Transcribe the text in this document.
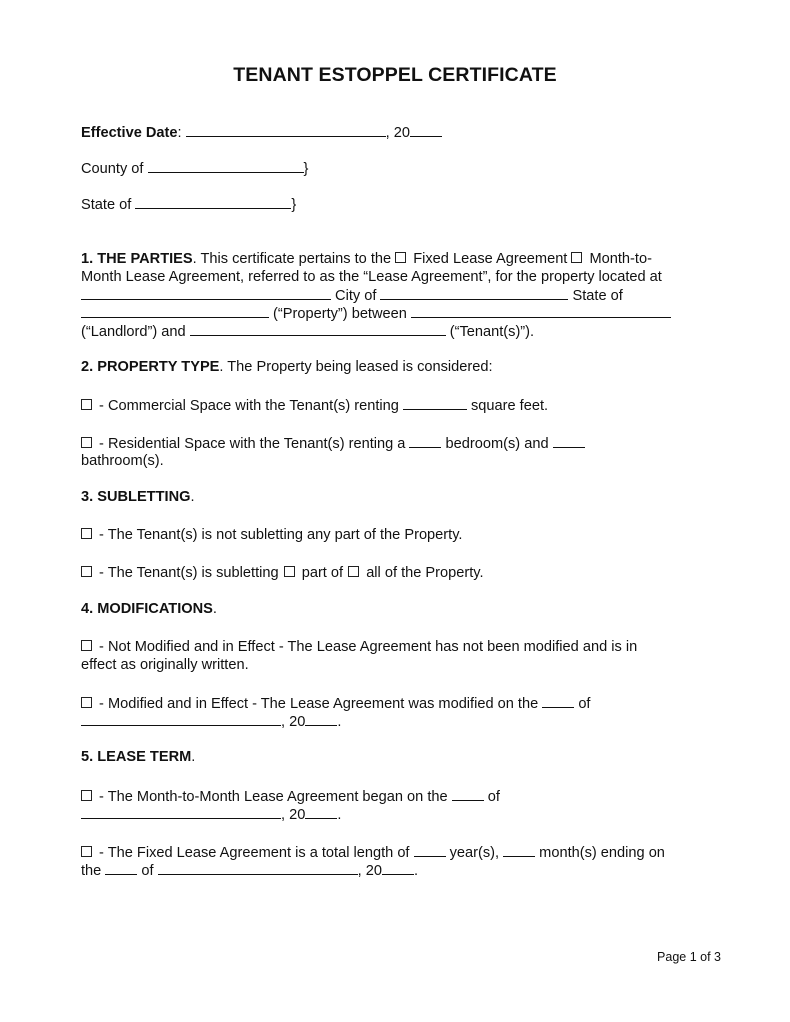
TENANT ESTOPPEL CERTIFICATE
Effective Date:	, 20
County of	}
State of	}
1. THE PARTIES. This certificate pertains to the  Fixed Lease Agreement  Month-to-
Month Lease Agreement, referred to as the “Lease Agreement”, for the property located at
City of	State of
(“Property”) between
(“Landlord”) and	(“Tenant(s)”).
2. PROPERTY TYPE. The Property being leased is considered:
- Commercial Space with the Tenant(s) renting	square feet.
- Residential Space with the Tenant(s) renting a  bedroom(s) and
bathroom(s).
3. SUBLETTING.
- The Tenant(s) is not subletting any part of the Property.
- The Tenant(s) is subletting  part of  all of the Property.
4. MODIFICATIONS.
- Not Modified and in Effect - The Lease Agreement has not been modified and is in
effect as originally written.
- Modified and in Effect - The Lease Agreement was modified on the  of
, 20 .
5. LEASE TERM.
- The Month-to-Month Lease Agreement began on the  of
, 20 .
- The Fixed Lease Agreement is a total length of  year(s),  month(s) ending on
the  of	, 20 .
Page 1 of 3
